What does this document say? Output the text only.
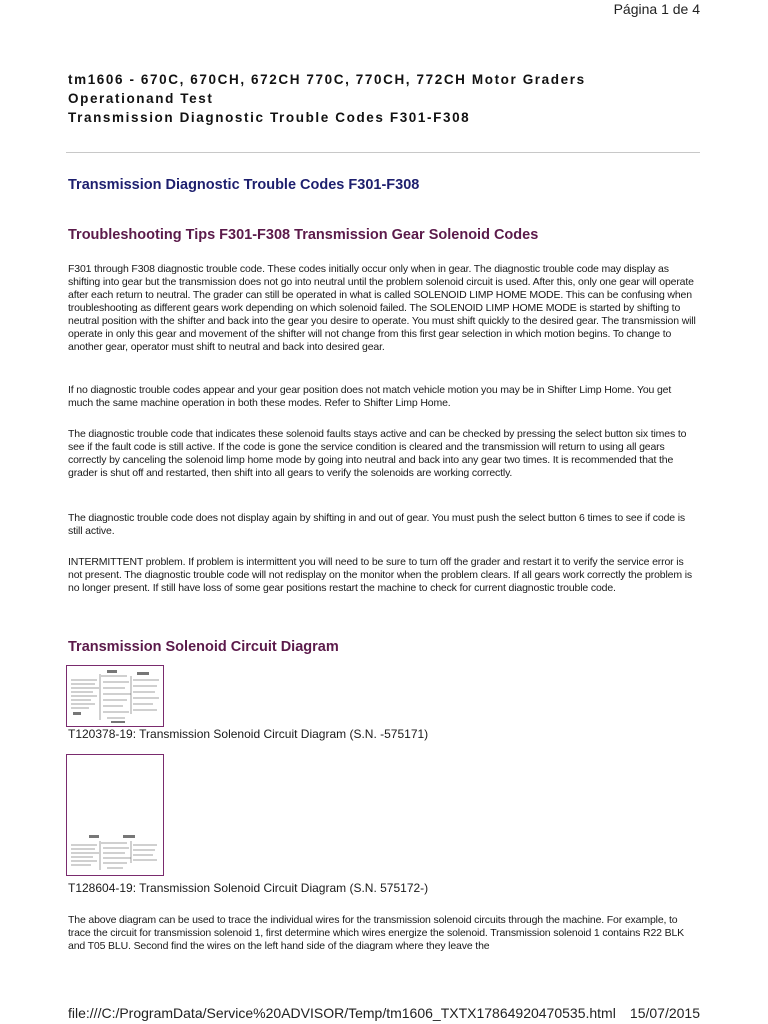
Página 1 de 4
tm1606 - 670C, 670CH, 672CH 770C, 770CH, 772CH Motor Graders
Operationand Test
Transmission Diagnostic Trouble Codes F301-F308
Transmission Diagnostic Trouble Codes F301-F308
Troubleshooting Tips F301-F308 Transmission Gear Solenoid Codes
F301 through F308 diagnostic trouble code. These codes initially occur only when in gear. The diagnostic trouble code may display as shifting into gear but the transmission does not go into neutral until the problem solenoid circuit is used. After this, only one gear will operate after each return to neutral. The grader can still be operated in what is called SOLENOID LIMP HOME MODE. This can be confusing when troubleshooting as different gears work depending on which solenoid failed. The SOLENOID LIMP HOME MODE is started by shifting to neutral position with the shifter and back into the gear you desire to operate. You must shift quickly to the desired gear. The transmission will operate in only this gear and movement of the shifter will not change from this first gear selection in which motion begins. To change to another gear, operator must shift to neutral and back into desired gear.
If no diagnostic trouble codes appear and your gear position does not match vehicle motion you may be in Shifter Limp Home. You get much the same machine operation in both these modes. Refer to Shifter Limp Home.
The diagnostic trouble code that indicates these solenoid faults stays active and can be checked by pressing the select button six times to see if the fault code is still active. If the code is gone the service condition is cleared and the transmission will return to using all gears correctly by canceling the solenoid limp home mode by going into neutral and back into any gear two times. It is recommended that the grader is shut off and restarted, then shift into all gears to verify the solenoids are working correctly.
The diagnostic trouble code does not display again by shifting in and out of gear. You must push the select button 6 times to see if code is still active.
INTERMITTENT problem. If problem is intermittent you will need to be sure to turn off the grader and restart it to verify the service error is not present. The diagnostic trouble code will not redisplay on the monitor when the problem clears. If all gears work correctly the problem is no longer present. If still have loss of some gear positions restart the machine to check for current diagnostic trouble code.
Transmission Solenoid Circuit Diagram
T120378-19: Transmission Solenoid Circuit Diagram (S.N. -575171)
T128604-19: Transmission Solenoid Circuit Diagram (S.N. 575172-)
The above diagram can be used to trace the individual wires for the transmission solenoid circuits through the machine. For example, to trace the circuit for transmission solenoid 1, first determine which wires energize the solenoid. Transmission solenoid 1 contains R22 BLK and T05 BLU. Second find the wires on the left hand side of the diagram where they leave the
file:///C:/ProgramData/Service%20ADVISOR/Temp/tm1606_TXTX17864920470535.html 15/07/2015
